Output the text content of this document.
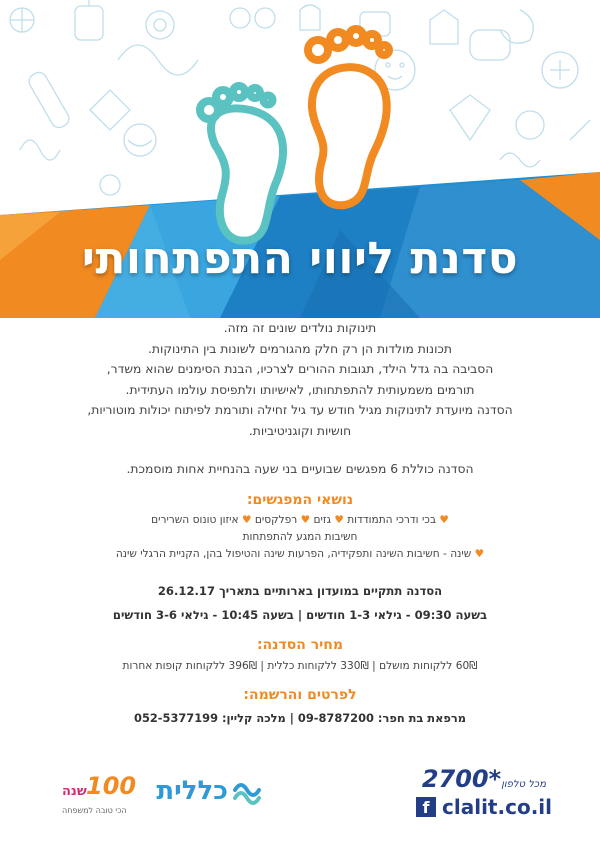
סדנת ליווי התפתחותי

תינוקות נולדים שונים זה מזה.

תכונות מולדות הן רק חלק מהגורמים לשונות בין התינוקות.

הסביבה בה גדל הילד, תגובות ההורים לצרכיו, הבנת הסימנים שהוא משדר,

תורמים משמעותית להתפתחותו, לאישיותו ולתפיסת עולמו העתידית.

הסדנה מיועדת לתינוקות מגיל חודש עד גיל זחילה ותורמת לפיתוח יכולות מוטוריות,

חושיות וקוגניטיביות.

הסדנה כוללת 6 מפגשים שבועיים בני שעה בהנחיית אחות מוסמכת.

נושאי המפגשים:

♥ בכי ודרכי התמודדות ♥ גזים ♥ רפלקסים ♥ איזון טונוס השרירים

חשיבות המגע להתפתחות

♥ שינה - חשיבות השינה ותפקידיה, הפרעות שינה והטיפול בהן, הקניית הרגלי שינה

הסדנה תתקיים במועדון בארותיים בתאריך 26.12.17

בשעה 09:30 - גילאי 1-3 חודשים | בשעה 10:45 - גילאי 3-6 חודשים

מחיר הסדנה:

60₪ ללקוחות מושלם | 330₪ ללקוחות כללית | 396₪ ללקוחות קופות אחרות

לפרטים והרשמה:

מרפאת בת חפר: 09-8787200 | מלכה קליין: 052-5377199

כללית
100
שנה
הכי טובה למשפחה
מכל טלפון*2700
f clalit.co.il
